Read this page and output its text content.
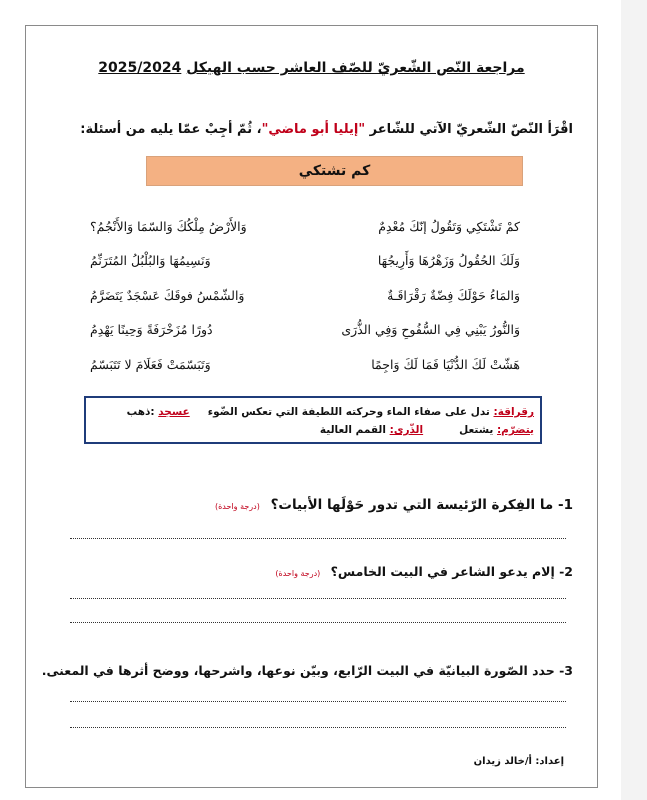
مراجعة النّص الشّعريّ للصّف العاشر حسب الهيكل 2025/2024
اقْرَأ النّصّ الشّعريّ الآتي للشّاعر "إيليا أبو ماضي"، ثُمّ أجِبْ عمّا يليه من أسئلة:
كم تشتكي
كمْ تَشْتَكِي وَتَقُولُ إنّكَ مُعْدِمٌ
وَالأَرْضُ مِلْكُكَ وَالسّمَا وَالأَنْجُمُ؟
وَلَكَ الحُقُولُ وَزَهْرُهَا وَأَرِيجُهَا
وَنَسِيمُهَا وَالبُلْبُلُ المُتَرَنِّمُ
وَالمَاءُ حَوْلَكَ فِضّةٌ رَقْرَاقَـةٌ
وَالشّمْسُ فوقَكَ عَسْجَدٌ يَتَضَرَّمُ
وَالنُّورُ يَبْنِي فِي السُّفُوحِ وَفِي الذُّرَى
دُورًا مُزَخْرَفَةً وَحِينًا يَهْدِمُ
هَشّتْ لَكَ الدُّنْيَا فَمَا لَكَ وَاجِمًا
وَتَبَسّمَتْ فَعَلَامَ لا تَتَبَسّمُ
رقراقة:

تدل على صفاء الماء وحركته اللطيفة التي تعكس الضّوء
عسجد

:ذهب
يتضرّم:

يشتعل
الذّرى:

القمم العالية
1- ما الفِكرة الرّئيسة التي تدور حَوْلَها الأبيات؟ (درجة واحدة)
2- إلام يدعو الشاعر في البيت الخامس؟ (درجة واحدة)
3- حدد الصّورة البيانيّة في البيت الرّابع، وبيّن نوعها، واشرحها، ووضح أثرها في المعنى.
إعداد: أ/خالد زيدان
